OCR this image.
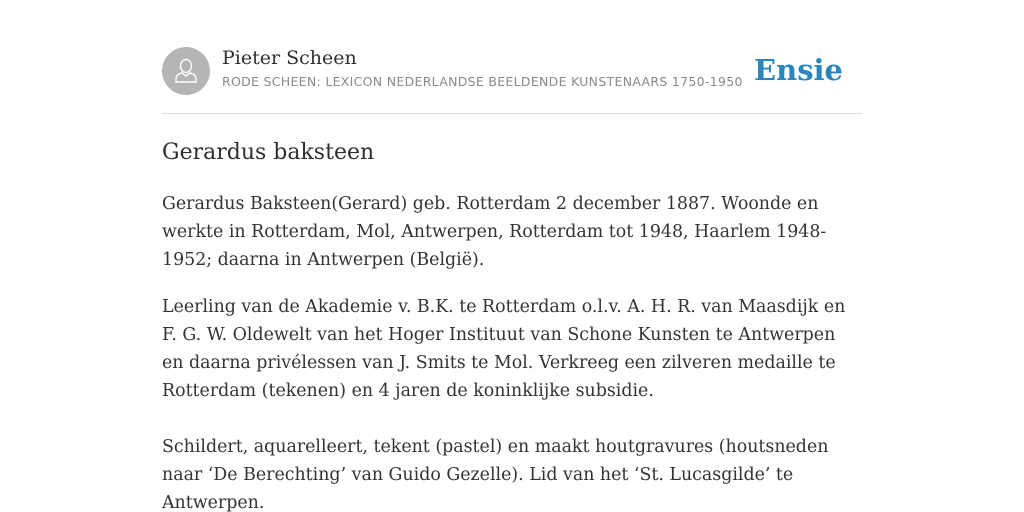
Pieter Scheen
RODE SCHEEN: LEXICON NEDERLANDSE BEELDENDE KUNSTENAARS 1750-1950 Ensie
Gerardus baksteen

Gerardus Baksteen(Gerard) geb. Rotterdam 2 december 1887. Woonde en werkte in Rotterdam, Mol, Antwerpen, Rotterdam tot 1948, Haarlem 1948-1952; daarna in Antwerpen (België).

Leerling van de Akademie v. B.K. te Rotterdam o.l.v. A. H. R. van Maasdijk en F. G. W. Oldewelt van het Hoger Instituut van Schone Kunsten te Antwerpen en daarna privélessen van J. Smits te Mol. Verkreeg een zilveren medaille te Rotterdam (tekenen) en 4 jaren de koninklijke subsidie.

Schildert, aquarelleert, tekent (pastel) en maakt houtgravures (houtsneden naar ‘De Berechting’ van Guido Gezelle). Lid van het ‘St. Lucasgilde’ te Antwerpen.
